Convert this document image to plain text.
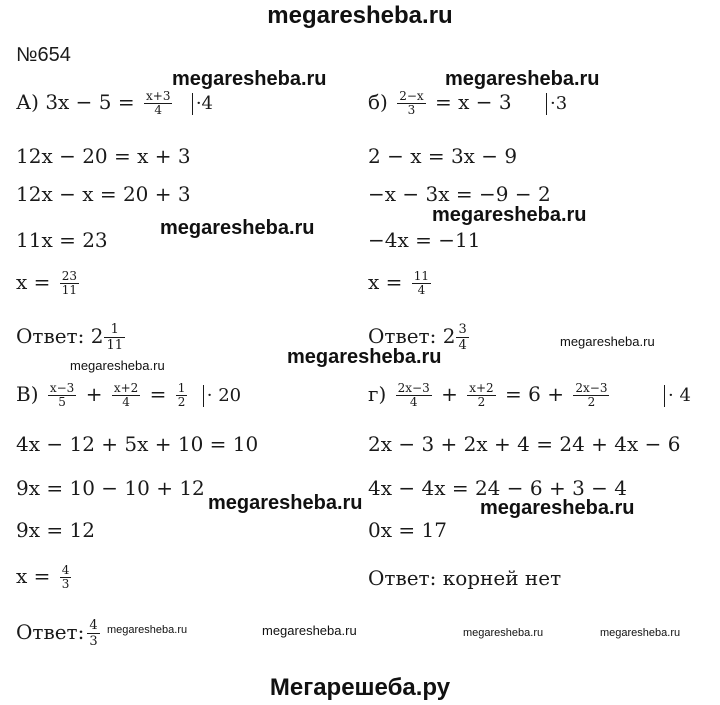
megaresheba.ru
№654
Мегарешеба.ру
megaresheba.ru	megaresheba.ru
megaresheba.ru
megaresheba.ru
megaresheba.ru
megaresheba.ru
megaresheba.ru
megaresheba.ru	megaresheba.ru
megaresheba.ru	megaresheba.ru	megaresheba.ru	megaresheba.ru
А) $3x - 5 = \frac{x+3}{4} \cdot 4$
12x − 20 = x + 3
12x − x = 20 + 3
11x = 23
$x = \frac{23}{11}$
Ответ: $2 \frac{1}{11}$
$б) \frac{2-x}{3} = x - 3 \cdot 3$
2 − x = 3x − 9
−x − 3x = −9 − 2
−4x = −11
$x = \frac{11}{4}$
Ответ: $2 \frac{3}{4}$
$В) \frac{x-3}{5} + \frac{x+2}{4} = \frac{1}{2} \cdot 20$
4x − 12 + 5x + 10 = 10
9x = 10 − 10 + 12
9x = 12
$x = \frac{4}{3}$
Ответ: $\frac{4}{3}$
$г) \frac{2x-3}{4} + \frac{x+2}{2} = 6 + \frac{2x-3}{2}$	· 4
2x − 3 + 2x + 4 = 24 + 4x − 6
4x − 4x = 24 − 6 + 3 − 4
0x = 17
Ответ: корней нет
